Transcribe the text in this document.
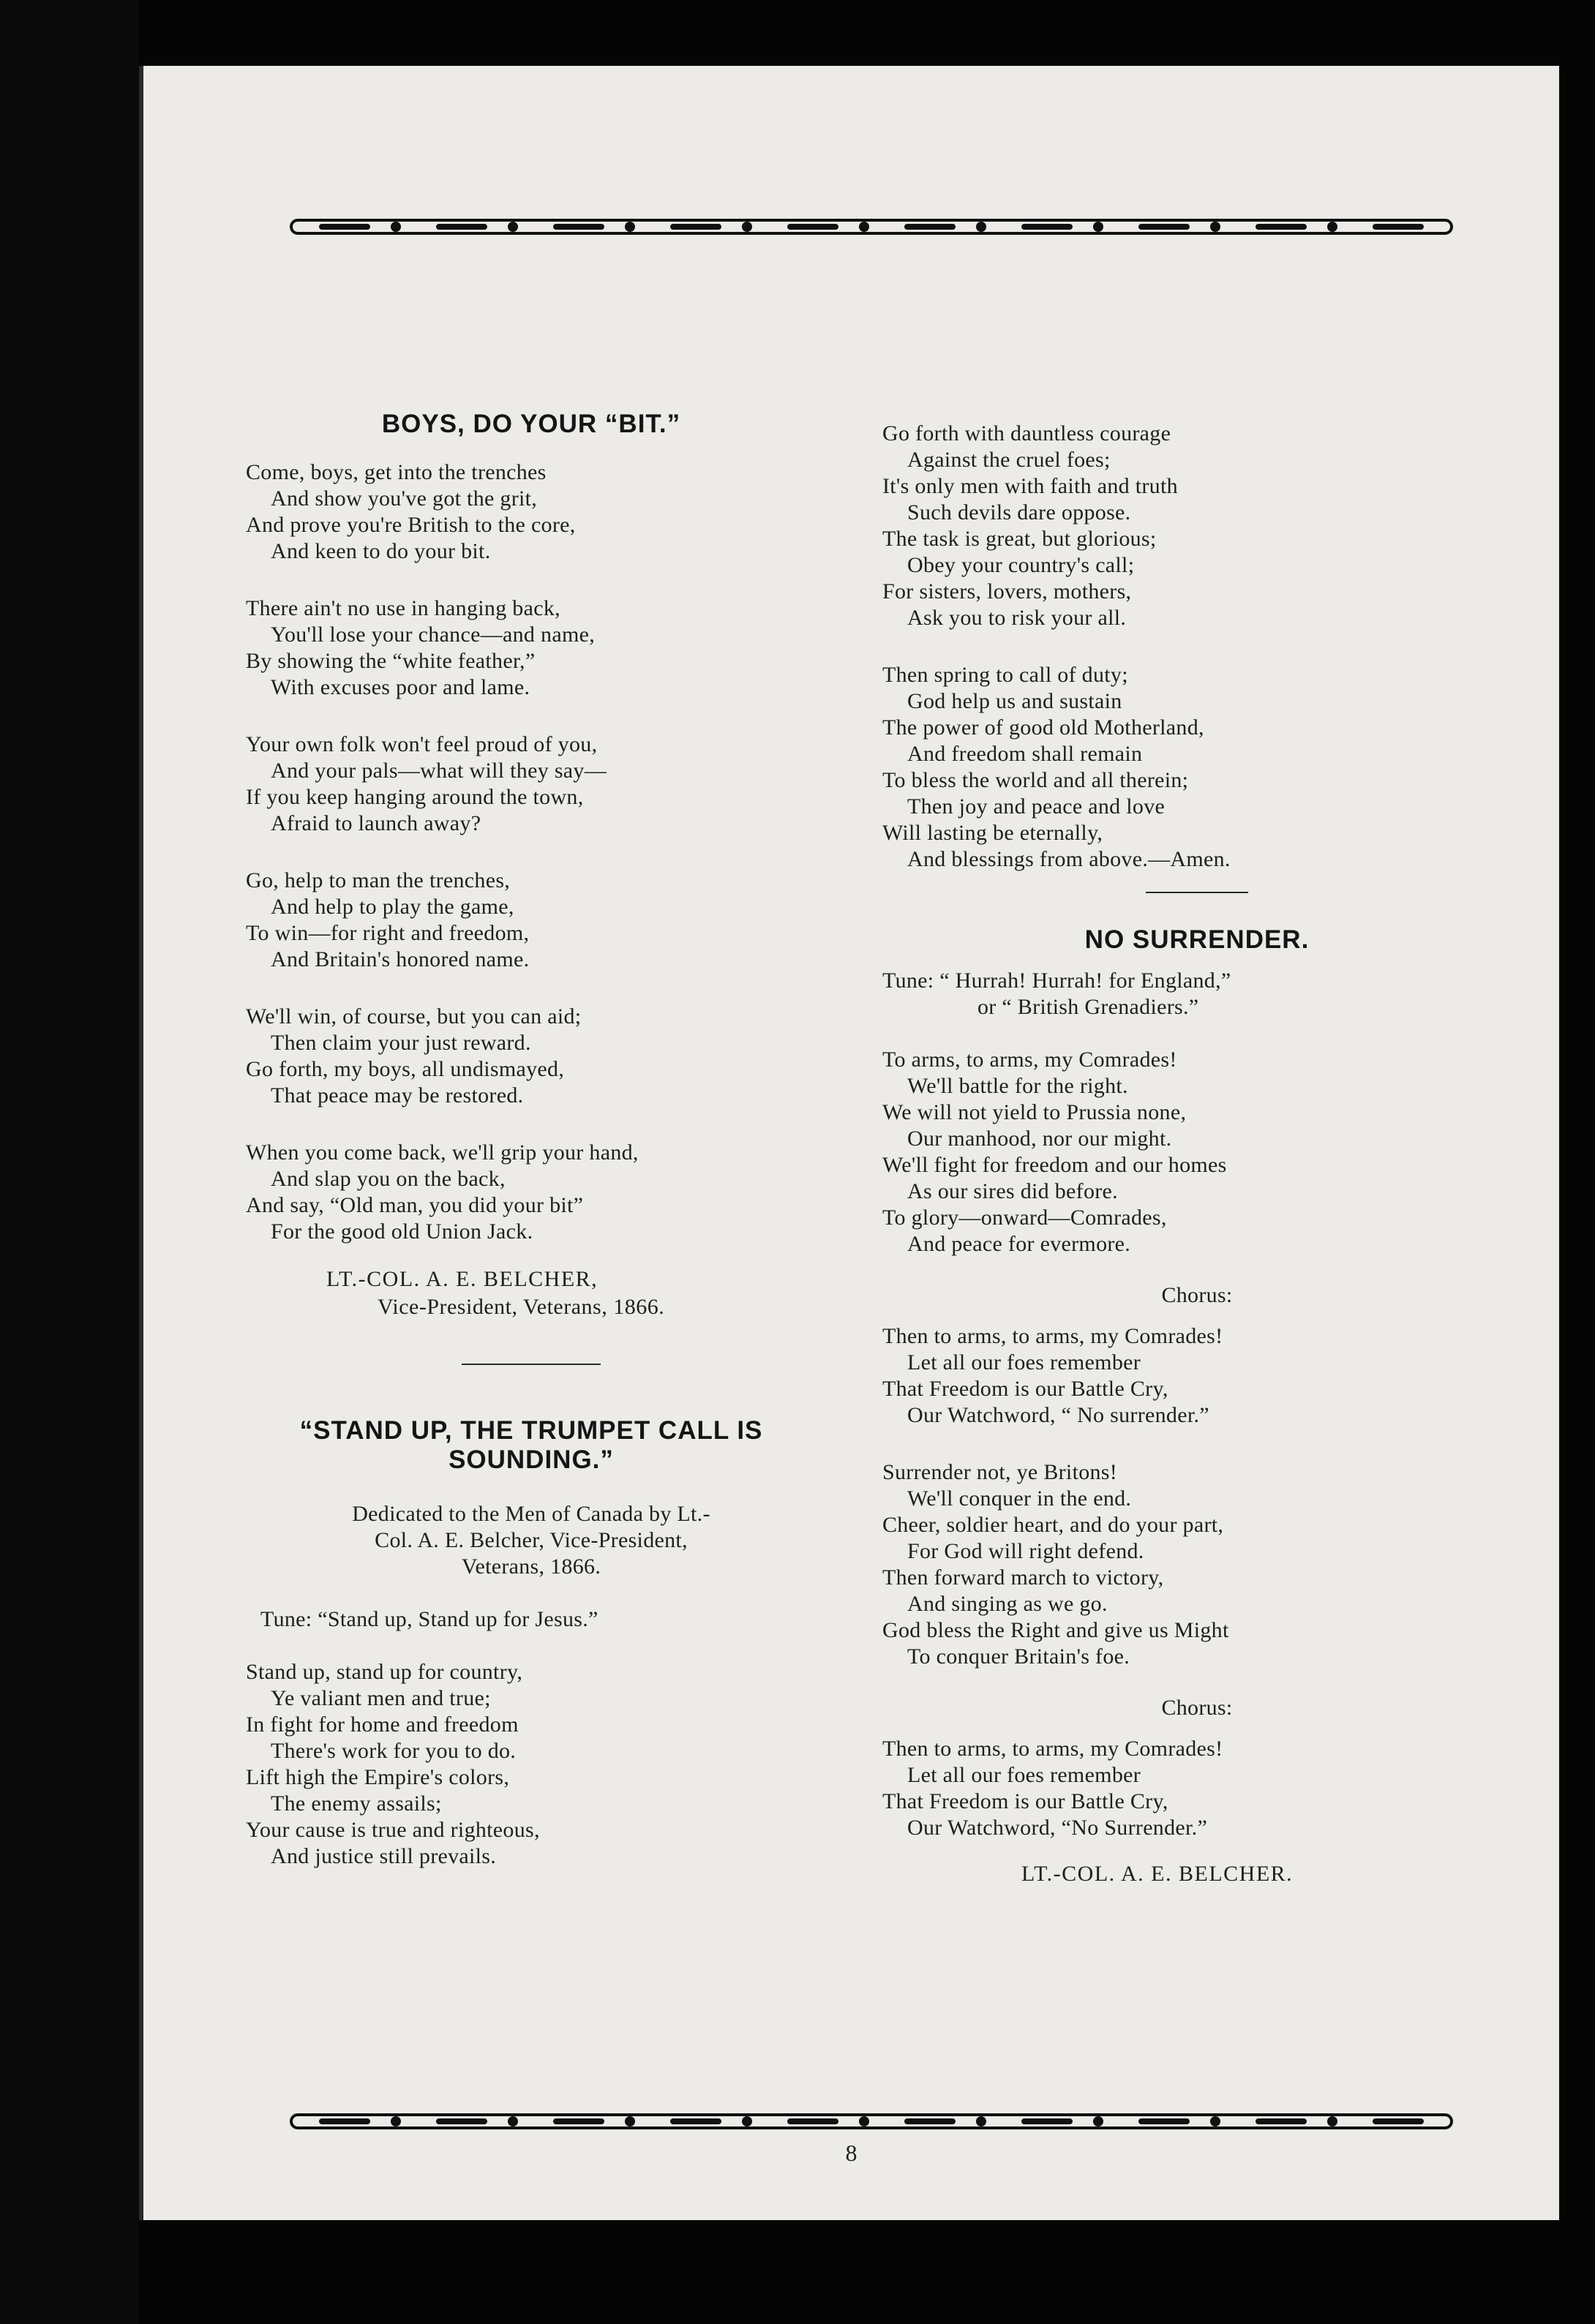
BOYS, DO YOUR “BIT.”
Come, boys, get into the trenches
And show you've got the grit,
And prove you're British to the core,
And keen to do your bit.
There ain't no use in hanging back,
You'll lose your chance—and name,
By showing the “white feather,”
With excuses poor and lame.
Your own folk won't feel proud of you,
And your pals—what will they say—
If you keep hanging around the town,
Afraid to launch away?
Go, help to man the trenches,
And help to play the game,
To win—for right and freedom,
And Britain's honored name.
We'll win, of course, but you can aid;
Then claim your just reward.
Go forth, my boys, all undismayed,
That peace may be restored.
When you come back, we'll grip your hand,
And slap you on the back,
And say, “Old man, you did your bit”
For the good old Union Jack.
LT.-COL. A. E. BELCHER,
Vice-President, Veterans, 1866.
“STAND UP, THE TRUMPET CALL IS
SOUNDING.”
Dedicated to the Men of Canada by Lt.-
Col. A. E. Belcher, Vice-President,
Veterans, 1866.
Tune: “Stand up, Stand up for Jesus.”
Stand up, stand up for country,
Ye valiant men and true;
In fight for home and freedom
There's work for you to do.
Lift high the Empire's colors,
The enemy assails;
Your cause is true and righteous,
And justice still prevails.
Go forth with dauntless courage
Against the cruel foes;
It's only men with faith and truth
Such devils dare oppose.
The task is great, but glorious;
Obey your country's call;
For sisters, lovers, mothers,
Ask you to risk your all.
Then spring to call of duty;
God help us and sustain
The power of good old Motherland,
And freedom shall remain
To bless the world and all therein;
Then joy and peace and love
Will lasting be eternally,
And blessings from above.—Amen.
NO SURRENDER.
Tune: “ Hurrah! Hurrah! for England,”
or “ British Grenadiers.”
To arms, to arms, my Comrades!
We'll battle for the right.
We will not yield to Prussia none,
Our manhood, nor our might.
We'll fight for freedom and our homes
As our sires did before.
To glory—onward—Comrades,
And peace for evermore.
Chorus:
Then to arms, to arms, my Comrades!
Let all our foes remember
That Freedom is our Battle Cry,
Our Watchword, “ No surrender.”
Surrender not, ye Britons!
We'll conquer in the end.
Cheer, soldier heart, and do your part,
For God will right defend.
Then forward march to victory,
And singing as we go.
God bless the Right and give us Might
To conquer Britain's foe.
Chorus:
Then to arms, to arms, my Comrades!
Let all our foes remember
That Freedom is our Battle Cry,
Our Watchword, “No Surrender.”
LT.-COL. A. E. BELCHER.
8
